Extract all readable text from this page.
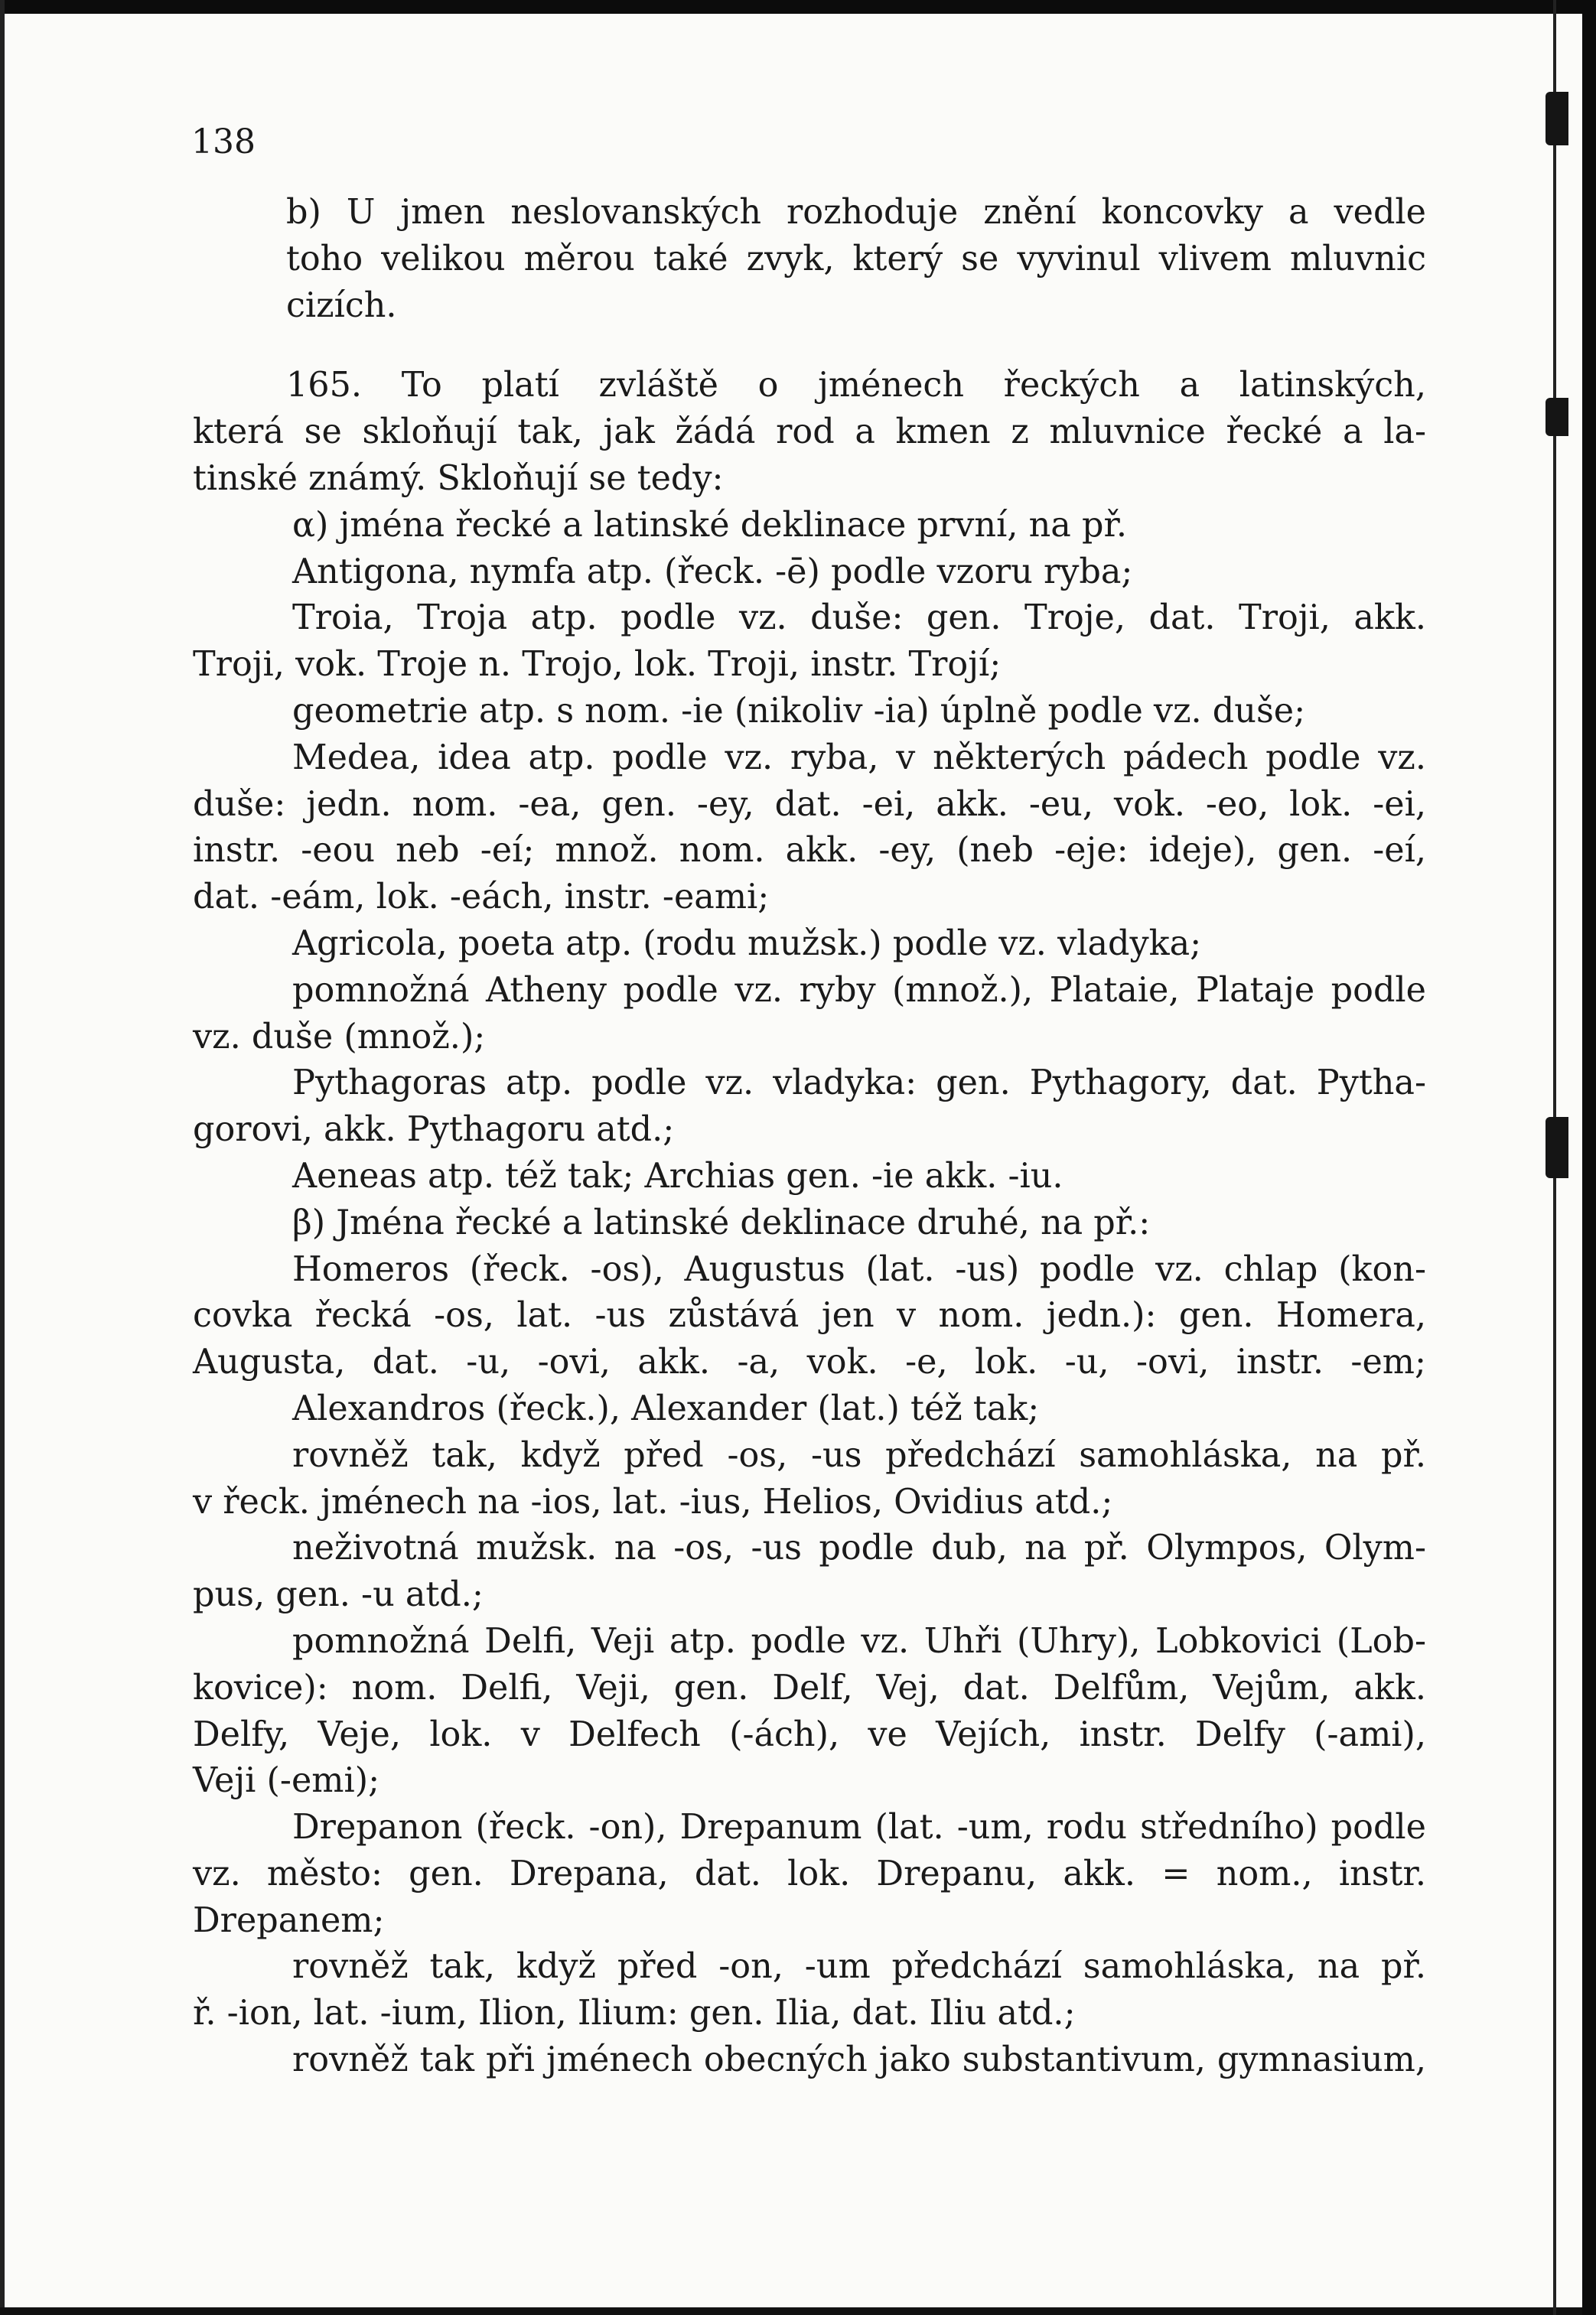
138
b) U jmen neslovanských rozhoduje znění koncovky a vedle
toho velikou měrou také zvyk, který se vyvinul vlivem mluvnic
cizích.
165. To platí zvláště o jménech řeckých a latinských,
která se skloňují tak, jak žádá rod a kmen z mluvnice řecké a la-
tinské známý. Skloňují se tedy:
α) jména řecké a latinské deklinace první, na př.
Antigona, nymfa atp. (řeck. -ē) podle vzoru ryba;
Troia, Troja atp. podle vz. duše: gen. Troje, dat. Troji, akk.
Troji, vok. Troje n. Trojo, lok. Troji, instr. Trojí;
geometrie atp. s nom. -ie (nikoliv -ia) úplně podle vz. duše;
Medea, idea atp. podle vz. ryba, v některých pádech podle vz.
duše: jedn. nom. -ea, gen. -ey, dat. -ei, akk. -eu, vok. -eo, lok. -ei,
instr. -eou neb -eí; množ. nom. akk. -ey, (neb -eje: ideje), gen. -eí,
dat. -eám, lok. -eách, instr. -eami;
Agricola, poeta atp. (rodu mužsk.) podle vz. vladyka;
pomnožná Atheny podle vz. ryby (množ.), Plataie, Plataje podle
vz. duše (množ.);
Pythagoras atp. podle vz. vladyka: gen. Pythagory, dat. Pytha-
gorovi, akk. Pythagoru atd.;
Aeneas atp. též tak; Archias gen. -ie akk. -iu.
β) Jména řecké a latinské deklinace druhé, na př.:
Homeros (řeck. -os), Augustus (lat. -us) podle vz. chlap (kon-
covka řecká -os, lat. -us zůstává jen v nom. jedn.): gen. Homera,
Augusta, dat. -u, -ovi, akk. -a, vok. -e, lok. -u, -ovi, instr. -em;
Alexandros (řeck.), Alexander (lat.) též tak;
rovněž tak, když před -os, -us předchází samohláska, na př.
v řeck. jménech na -ios, lat. -ius, Helios, Ovidius atd.;
neživotná mužsk. na -os, -us podle dub, na př. Olympos, Olym-
pus, gen. -u atd.;
pomnožná Delfi, Veji atp. podle vz. Uhři (Uhry), Lobkovici (Lob-
kovice): nom. Delfi, Veji, gen. Delf, Vej, dat. Delfům, Vejům, akk.
Delfy, Veje, lok. v Delfech (-ách), ve Vejích, instr. Delfy (-ami),
Veji (-emi);
Drepanon (řeck. -on), Drepanum (lat. -um, rodu středního) podle
vz. město: gen. Drepana, dat. lok. Drepanu, akk. = nom., instr.
Drepanem;
rovněž tak, když před -on, -um předchází samohláska, na př.
ř. -ion, lat. -ium, Ilion, Ilium: gen. Ilia, dat. Iliu atd.;
rovněž tak při jménech obecných jako substantivum, gymnasium,
